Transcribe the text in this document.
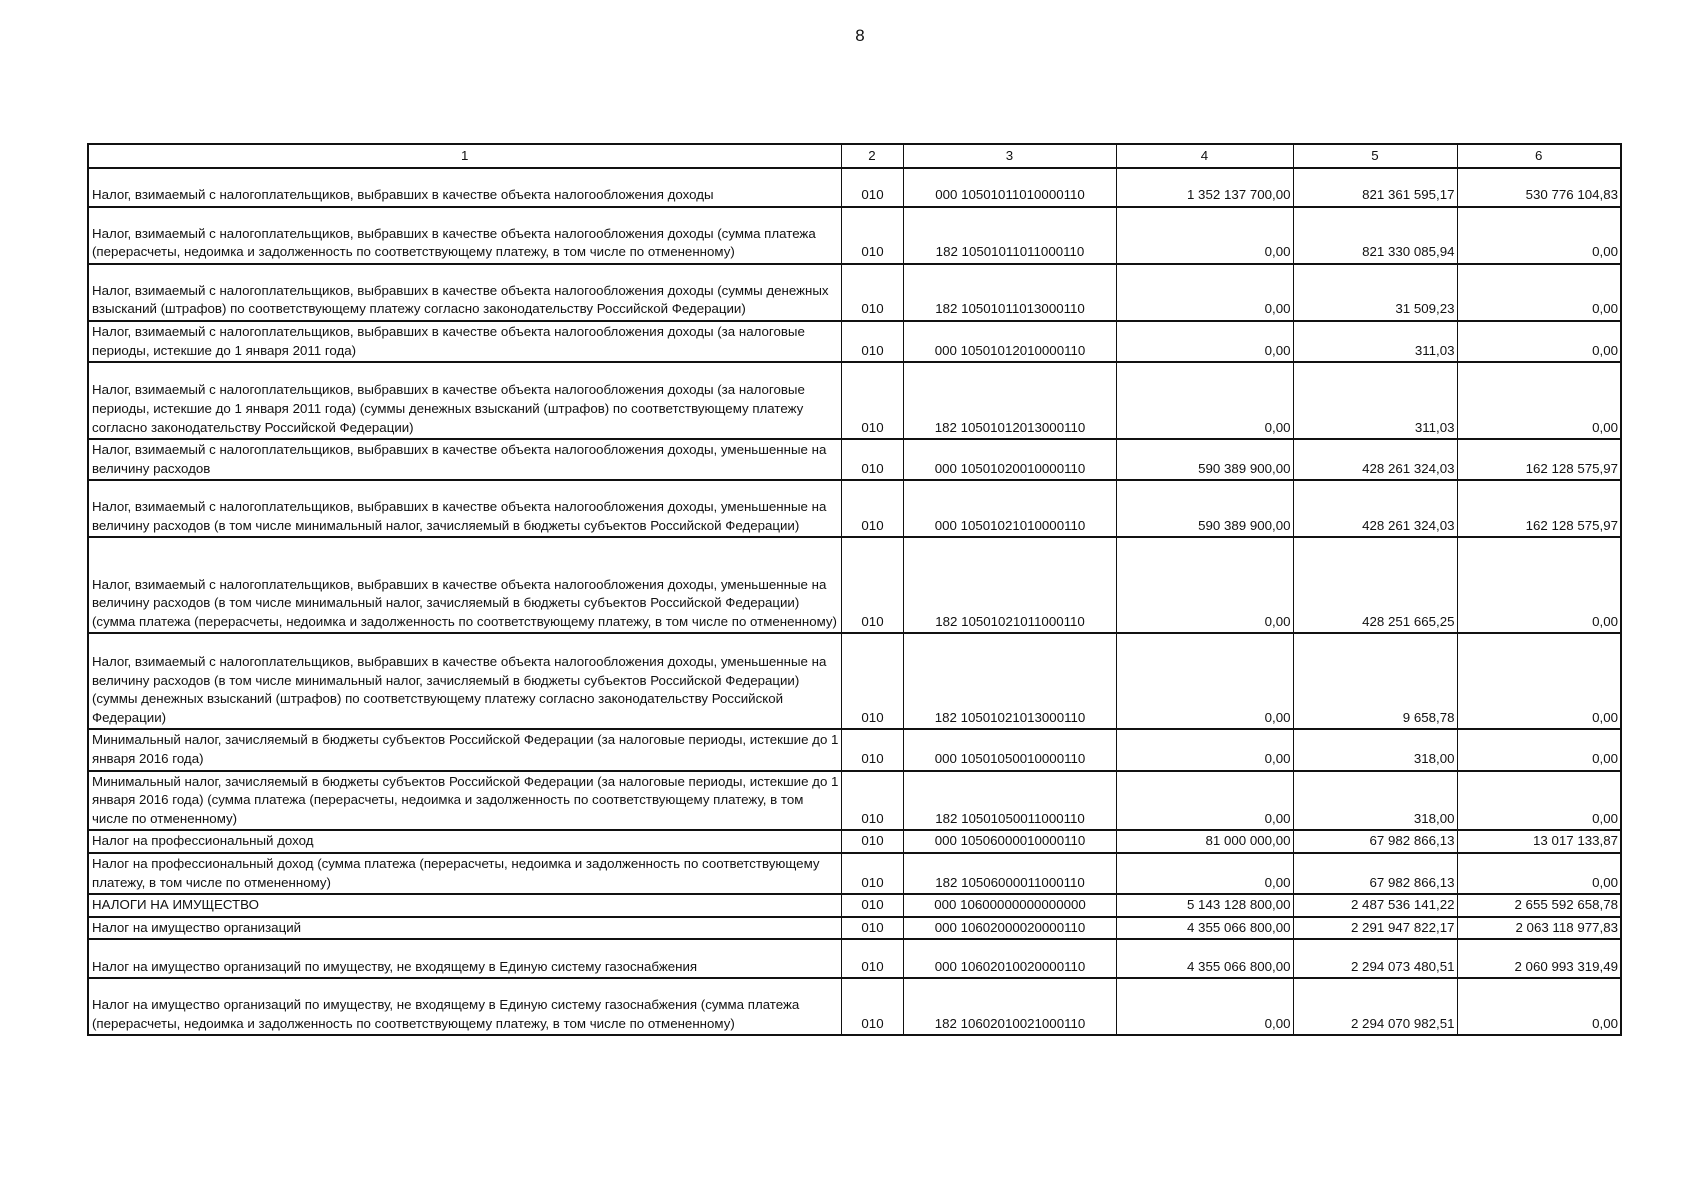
8
1	2	3	4	5	6
Налог, взимаемый с налогоплательщиков, выбравших в качестве объекта налогообложения доходы	010	000 10501011010000110	1 352 137 700,00	821 361 595,17	530 776 104,83
Налог, взимаемый с налогоплательщиков, выбравших в качестве объекта налогообложения доходы (сумма платежа (перерасчеты, недоимка и задолженность по соответствующему платежу, в том числе по отмененному)	010	182 10501011011000110	0,00	821 330 085,94	0,00
Налог, взимаемый с налогоплательщиков, выбравших в качестве объекта налогообложения доходы (суммы денежных взысканий (штрафов) по соответствующему платежу согласно законодательству Российской Федерации)	010	182 10501011013000110	0,00	31 509,23	0,00
Налог, взимаемый с налогоплательщиков, выбравших в качестве объекта налогообложения доходы (за налоговые периоды, истекшие до 1 января 2011 года)	010	000 10501012010000110	0,00	311,03	0,00
Налог, взимаемый с налогоплательщиков, выбравших в качестве объекта налогообложения доходы (за налоговые периоды, истекшие до 1 января 2011 года) (суммы денежных взысканий (штрафов) по соответствующему платежу согласно законодательству Российской Федерации)	010	182 10501012013000110	0,00	311,03	0,00
Налог, взимаемый с налогоплательщиков, выбравших в качестве объекта налогообложения доходы, уменьшенные на величину расходов	010	000 10501020010000110	590 389 900,00	428 261 324,03	162 128 575,97
Налог, взимаемый с налогоплательщиков, выбравших в качестве объекта налогообложения доходы, уменьшенные на величину расходов (в том числе минимальный налог, зачисляемый в бюджеты субъектов Российской Федерации)	010	000 10501021010000110	590 389 900,00	428 261 324,03	162 128 575,97
Налог, взимаемый с налогоплательщиков, выбравших в качестве объекта налогообложения доходы, уменьшенные на величину расходов (в том числе минимальный налог, зачисляемый в бюджеты субъектов Российской Федерации) (сумма платежа (перерасчеты, недоимка и задолженность по соответствующему платежу, в том числе по отмененному)	010	182 10501021011000110	0,00	428 251 665,25	0,00
Налог, взимаемый с налогоплательщиков, выбравших в качестве объекта налогообложения доходы, уменьшенные на величину расходов (в том числе минимальный налог, зачисляемый в бюджеты субъектов Российской Федерации) (суммы денежных взысканий (штрафов) по соответствующему платежу согласно законодательству Российской Федерации)	010	182 10501021013000110	0,00	9 658,78	0,00
Минимальный налог, зачисляемый в бюджеты субъектов Российской Федерации (за налоговые периоды, истекшие до 1 января 2016 года)	010	000 10501050010000110	0,00	318,00	0,00
Минимальный налог, зачисляемый в бюджеты субъектов Российской Федерации (за налоговые периоды, истекшие до 1 января 2016 года) (сумма платежа (перерасчеты, недоимка и задолженность по соответствующему платежу, в том числе по отмененному)	010	182 10501050011000110	0,00	318,00	0,00
Налог на профессиональный доход	010	000 10506000010000110	81 000 000,00	67 982 866,13	13 017 133,87
Налог на профессиональный доход (сумма платежа (перерасчеты, недоимка и задолженность по соответствующему платежу, в том числе по отмененному)	010	182 10506000011000110	0,00	67 982 866,13	0,00
НАЛОГИ НА ИМУЩЕСТВО	010	000 10600000000000000	5 143 128 800,00	2 487 536 141,22	2 655 592 658,78
Налог на имущество организаций	010	000 10602000020000110	4 355 066 800,00	2 291 947 822,17	2 063 118 977,83
Налог на имущество организаций по имуществу, не входящему в Единую систему газоснабжения	010	000 10602010020000110	4 355 066 800,00	2 294 073 480,51	2 060 993 319,49
Налог на имущество организаций по имуществу, не входящему в Единую систему газоснабжения (сумма платежа (перерасчеты, недоимка и задолженность по соответствующему платежу, в том числе по отмененному)	010	182 10602010021000110	0,00	2 294 070 982,51	0,00
